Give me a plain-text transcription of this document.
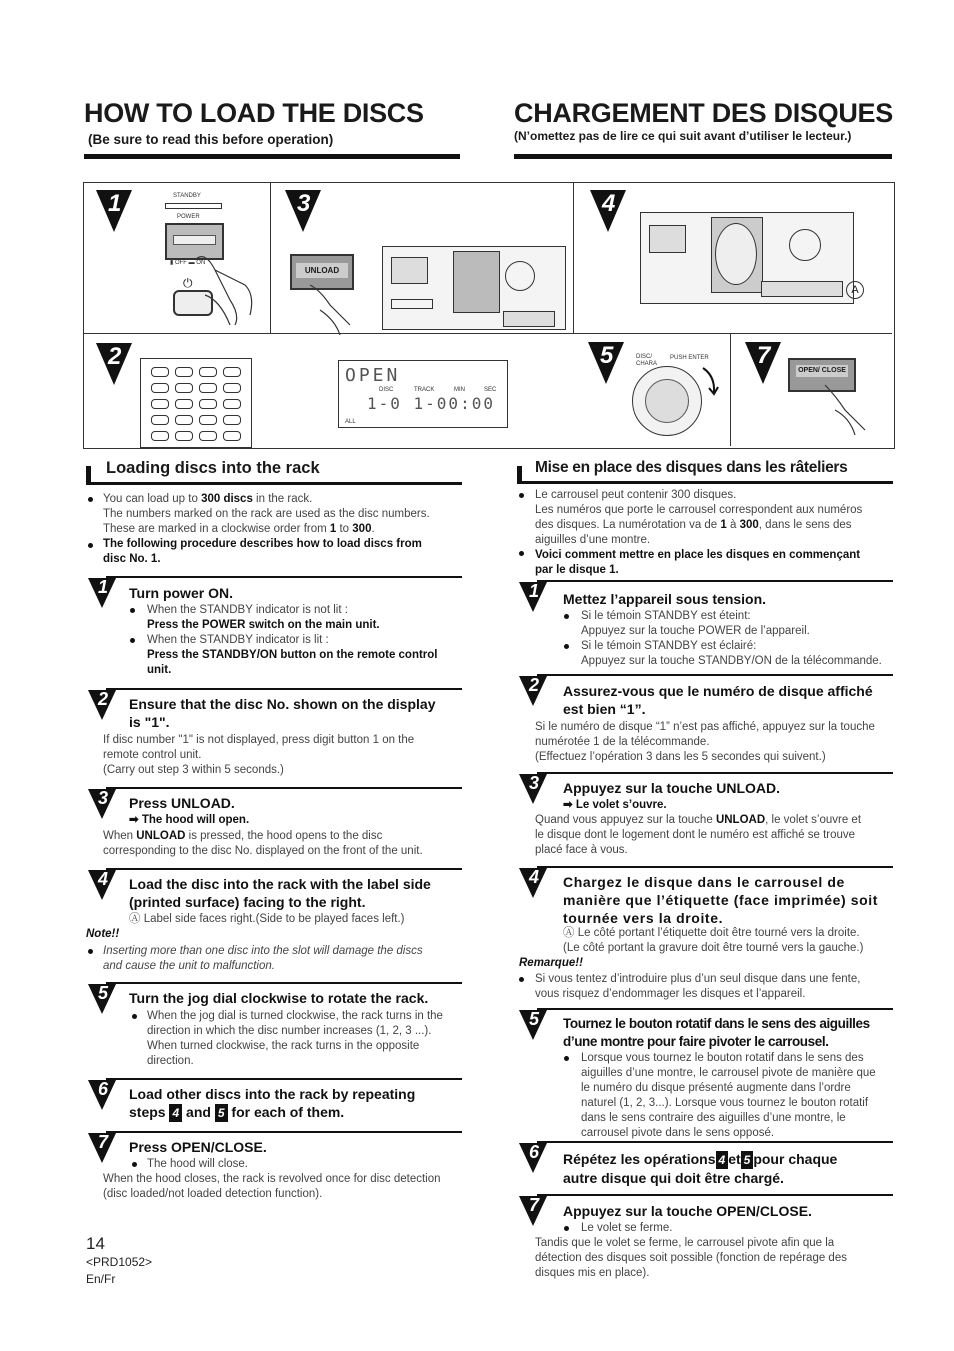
HOW TO LOAD THE DISCS
(Be sure to read this before operation)
CHARGEMENT DES DISQUES
(N’omettez pas de lire ce qui suit avant d’utiliser le lecteur.)
1	STANDBY
POWER
▮ OFF ▬ ON
⏻
3
UNLOAD
4
A
2
OPEN
DISC	TRACK	MIN	SEC
1-0 1-00:00
ALL
5	DISC/ CHARA
PUSH ENTER 7
OPEN/ CLOSE
Loading discs into the rack
You can load up to 300 discs in the rack.
The numbers marked on the rack are used as the disc numbers.
These are marked in a clockwise order from 1 to 300.
The following procedure describes how to load discs from
disc No. 1.
1 Turn power ON.
When the STANDBY indicator is not lit :
Press the POWER switch on the main unit.
When the STANDBY indicator is lit :
Press the STANDBY/ON button on the remote control
unit.
2 Ensure that the disc No. shown on the display
is "1".
If disc number "1" is not displayed, press digit button 1 on the
remote control unit.
(Carry out step 3 within 5 seconds.)
3 Press UNLOAD.
➡ The hood will open.
When UNLOAD is pressed, the hood opens to the disc
corresponding to the disc No. displayed on the front of the unit.
4 Load the disc into the rack with the label side
(printed surface) facing to the right.
Ⓐ Label side faces right.(Side to be played faces left.)
Note!!
Inserting more than one disc into the slot will damage the discs
and cause the unit to malfunction.
5 Turn the jog dial clockwise to rotate the rack.
When the jog dial is turned clockwise, the rack turns in the
direction in which the disc number increases (1, 2, 3 ...).
When turned clockwise, the rack turns in the opposite
direction.
6 Load other discs into the rack by repeating
steps 4 and 5 for each of them.
7 Press OPEN/CLOSE.
The hood will close.
When the hood closes, the rack is revolved once for disc detection
(disc loaded/not loaded detection function).
Mise en place des disques dans les râteliers
Le carrousel peut contenir 300 disques.
Les numéros que porte le carrousel correspondent aux numéros
des disques. La numérotation va de 1 à 300, dans le sens des
aiguilles d’une montre.
Voici comment mettre en place les disques en commençant
par le disque 1.
1 Mettez l’appareil sous tension.
Si le témoin STANDBY est éteint:
Appuyez sur la touche POWER de l’appareil.
Si le témoin STANDBY est éclairé:
Appuyez sur la touche STANDBY/ON de la télécommande.
2 Assurez-vous que le numéro de disque affiché
est bien “1”.
Si le numéro de disque “1” n’est pas affiché, appuyez sur la touche
numérotée 1 de la télécommande.
(Effectuez l’opération 3 dans les 5 secondes qui suivent.)
3 Appuyez sur la touche UNLOAD.
➡ Le volet s’ouvre.
Quand vous appuyez sur la touche UNLOAD, le volet s’ouvre et
le disque dont le logement dont le numéro est affiché se trouve
placé face à vous.
4 Chargez le disque dans le carrousel de
manière que l’étiquette (face imprimée) soit
tournée vers la droite.
Ⓐ Le côté portant l’étiquette doit être tourné vers la droite.
(Le côté portant la gravure doit être tourné vers la gauche.)
Remarque!!
Si vous tentez d’introduire plus d’un seul disque dans une fente,
vous risquez d’endommager les disques et l’appareil.
5 Tournez le bouton rotatif dans le sens des aiguilles
d’une montre pour faire pivoter le carrousel.
Lorsque vous tournez le bouton rotatif dans le sens des
aiguilles d’une montre, le carrousel pivote de manière que
le numéro du disque présenté augmente dans l’ordre
naturel (1, 2, 3...). Lorsque vous tournez le bouton rotatif
dans le sens contraire des aiguilles d’une montre, le
carrousel pivote dans le sens opposé.
6 Répétez les opérations 4 et 5 pour chaque
autre disque qui doit être chargé.
7 Appuyez sur la touche OPEN/CLOSE.
Le volet se ferme.
Tandis que le volet se ferme, le carrousel pivote afin que la
détection des disques soit possible (fonction de repérage des
disques mis en place).
14
<PRD1052>
En/Fr
